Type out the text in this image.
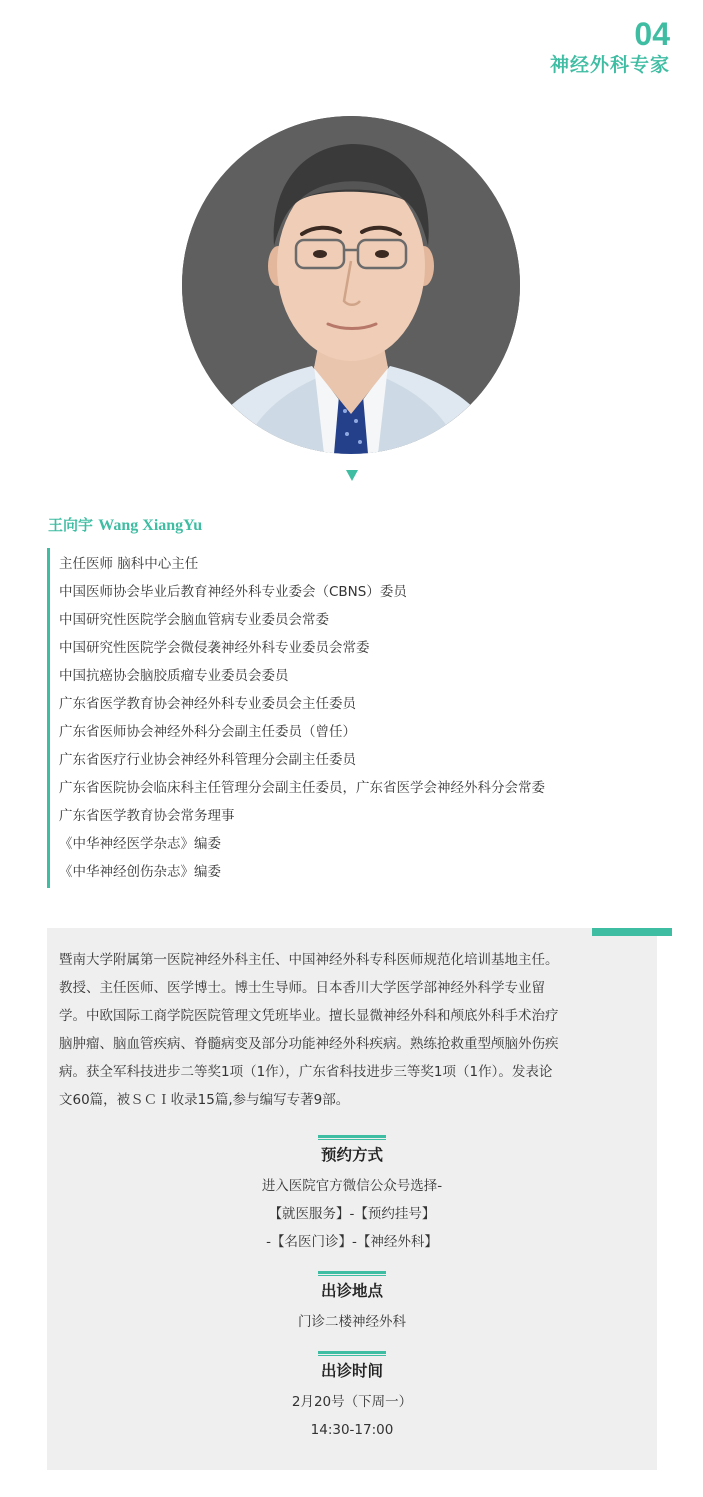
04
神经外科专家
王向宇 Wang XiangYu
主任医师 脑科中心主任
中国医师协会毕业后教育神经外科专业委会（CBNS）委员
中国研究性医院学会脑血管病专业委员会常委
中国研究性医院学会微侵袭神经外科专业委员会常委
中国抗癌协会脑胶质瘤专业委员会委员
广东省医学教育协会神经外科专业委员会主任委员
广东省医师协会神经外科分会副主任委员（曾任）
广东省医疗行业协会神经外科管理分会副主任委员
广东省医院协会临床科主任管理分会副主任委员，广东省医学会神经外科分会常委
广东省医学教育协会常务理事
《中华神经医学杂志》编委
《中华神经创伤杂志》编委
暨南大学附属第一医院神经外科主任、中国神经外科专科医师规范化培训基地主任。
教授、主任医师、医学博士。博士生导师。日本香川大学医学部神经外科学专业留
学。中欧国际工商学院医院管理文凭班毕业。擅长显微神经外科和颅底外科手术治疗
脑肿瘤、脑血管疾病、脊髓病变及部分功能神经外科疾病。熟练抢救重型颅脑外伤疾
病。获全军科技进步二等奖1项（1作），广东省科技进步三等奖1项（1作）。发表论
文60篇，被ＳＣＩ收录15篇,参与编写专著9部。
预约方式
进入医院官方微信公众号选择-
【就医服务】-【预约挂号】
-【名医门诊】-【神经外科】
出诊地点
门诊二楼神经外科
出诊时间
2月20号（下周一）
14:30-17:00
